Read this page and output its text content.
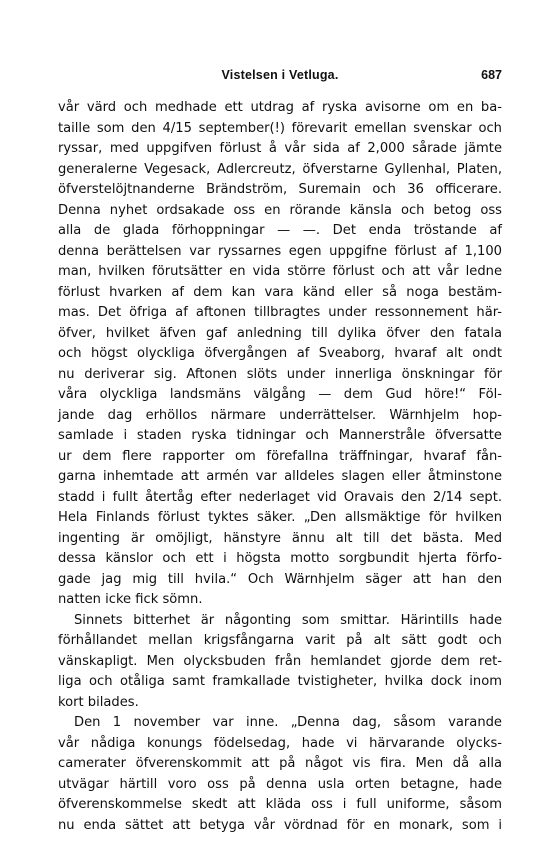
Vistelsen i Vetluga.	687
vår värd och medhade ett utdrag af ryska avisorne om en ba-
taille som den 4/15 september(!) förevarit emellan svenskar och
ryssar, med uppgifven förlust å vår sida af 2,000 sårade jämte
generalerne Vegesack, Adlercreutz, öfverstarne Gyllenhal, Platen,
öfverstelöjtnanderne Brändström, Suremain och 36 officerare.
Denna nyhet ordsakade oss en rörande känsla och betog oss
alla de glada förhoppningar — —. Det enda tröstande af
denna berättelsen var ryssarnes egen uppgifne förlust af 1,100
man, hvilken förutsätter en vida större förlust och att vår ledne
förlust hvarken af dem kan vara känd eller så noga bestäm-
mas. Det öfriga af aftonen tillbragtes under ressonnement här-
öfver, hvilket äfven gaf anledning till dylika öfver den fatala
och högst olyckliga öfvergången af Sveaborg, hvaraf alt ondt
nu deriverar sig. Aftonen slöts under innerliga önskningar för
våra olyckliga landsmäns välgång — dem Gud höre!“ Föl-
jande dag erhöllos närmare underrättelser. Wärnhjelm hop-
samlade i staden ryska tidningar och Mannerstråle öfversatte
ur dem flere rapporter om förefallna träffningar, hvaraf fån-
garna inhemtade att armén var alldeles slagen eller åtminstone
stadd i fullt återtåg efter nederlaget vid Oravais den 2/14 sept.
Hela Finlands förlust tyktes säker. „Den allsmäktige för hvilken
ingenting är omöjligt, hänstyre ännu alt till det bästa. Med
dessa känslor och ett i högsta motto sorgbundit hjerta förfo-
gade jag mig till hvila.“ Och Wärnhjelm säger att han den
natten icke fick sömn.
Sinnets bitterhet är någonting som smittar. Härintills hade
förhållandet mellan krigsfångarna varit på alt sätt godt och
vänskapligt. Men olycksbuden från hemlandet gjorde dem ret-
liga och otåliga samt framkallade tvistigheter, hvilka dock inom
kort bilades.
Den 1 november var inne. „Denna dag, såsom varande
vår nådiga konungs födelsedag, hade vi härvarande olycks-
camerater öfverenskommit att på något vis fira. Men då alla
utvägar härtill voro oss på denna usla orten betagne, hade
öfverenskommelse skedt att kläda oss i full uniforme, såsom
nu enda sättet att betyga vår vördnad för en monark, som i
